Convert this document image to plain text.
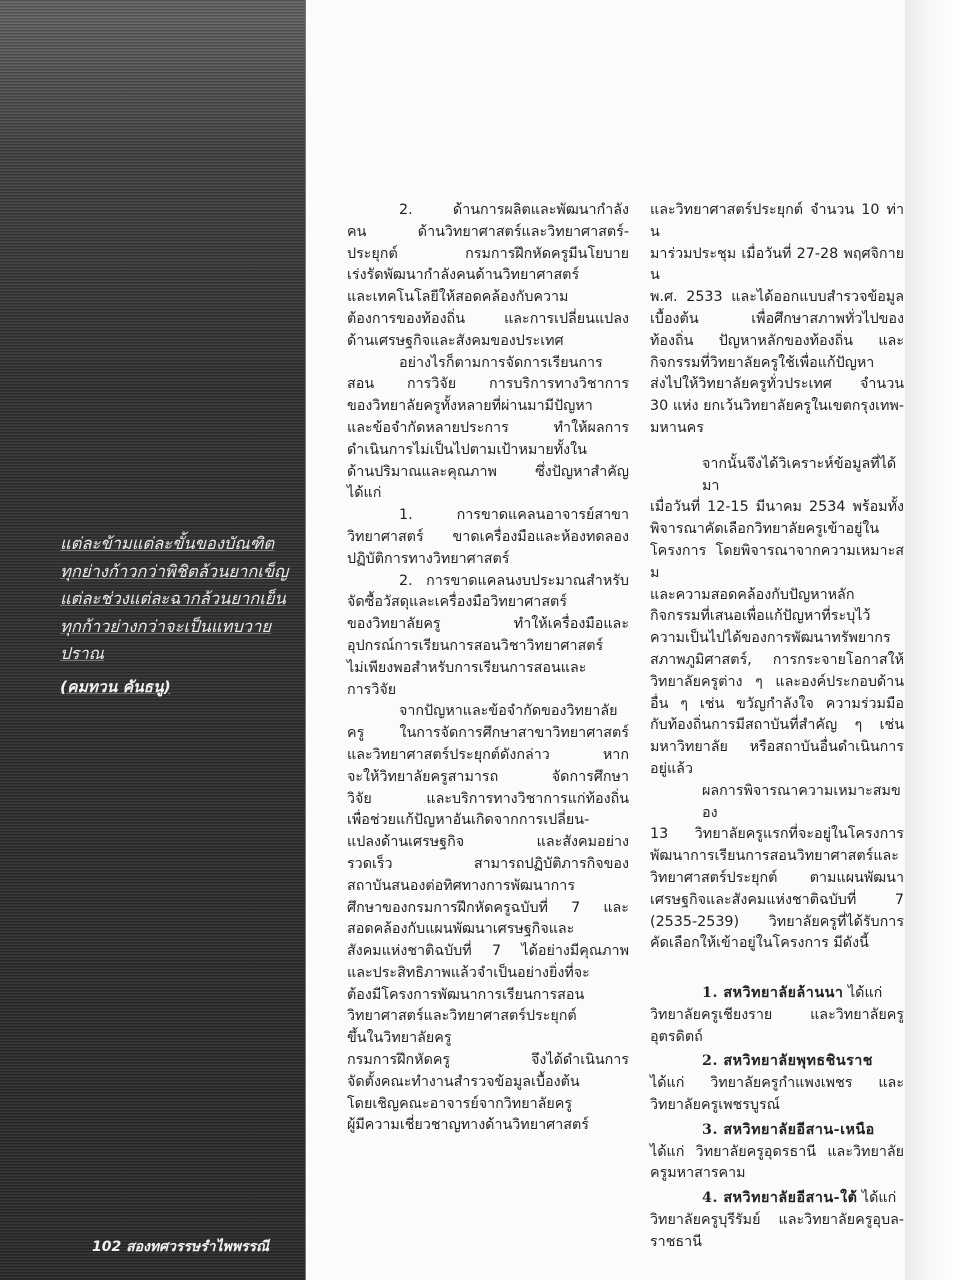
แต่ละข้ามแต่ละขั้นของบัณฑิต
ทุกย่างก้าวกว่าพิชิตล้วนยากเข็ญ
แต่ละช่วงแต่ละฉากล้วนยากเย็น
ทุกก้าวย่างกว่าจะเป็นแทบวายปราณ
(คมทวน คันธนู)
102 สองทศวรรษรำไพพรรณี
2. ด้านการผลิตและพัฒนากำลัง
คน ด้านวิทยาศาสตร์และวิทยาศาสตร์-
ประยุกต์ กรมการฝึกหัดครูมีนโยบาย
เร่งรัดพัฒนากำลังคนด้านวิทยาศาสตร์
และเทคโนโลยีให้สอดคล้องกับความ
ต้องการของท้องถิ่น และการเปลี่ยนแปลง
ด้านเศรษฐกิจและสังคมของประเทศ
อย่างไรก็ตามการจัดการเรียนการ
สอน การวิจัย การบริการทางวิชาการ
ของวิทยาลัยครูทั้งหลายที่ผ่านมามีปัญหา
และข้อจำกัดหลายประการ ทำให้ผลการ
ดำเนินการไม่เป็นไปตามเป้าหมายทั้งใน
ด้านปริมาณและคุณภาพ ซึ่งปัญหาสำคัญ
ได้แก่
1. การขาดแคลนอาจารย์สาขา
วิทยาศาสตร์ ขาดเครื่องมือและห้องทดลอง
ปฏิบัติการทางวิทยาศาสตร์
2. การขาดแคลนงบประมาณสำหรับ
จัดซื้อวัสดุและเครื่องมือวิทยาศาสตร์
ของวิทยาลัยครู ทำให้เครื่องมือและ
อุปกรณ์การเรียนการสอนวิชาวิทยาศาสตร์
ไม่เพียงพอสำหรับการเรียนการสอนและ
การวิจัย
จากปัญหาและข้อจำกัดของวิทยาลัย
ครู ในการจัดการศึกษาสาขาวิทยาศาสตร์
และวิทยาศาสตร์ประยุกต์ดังกล่าว หาก
จะให้วิทยาลัยครูสามารถ จัดการศึกษา
วิจัย และบริการทางวิชาการแก่ท้องถิ่น
เพื่อช่วยแก้ปัญหาอันเกิดจากการเปลี่ยน-
แปลงด้านเศรษฐกิจ และสังคมอย่าง
รวดเร็ว สามารถปฏิบัติภารกิจของ
สถาบันสนองต่อทิศทางการพัฒนาการ
ศึกษาของกรมการฝึกหัดครูฉบับที่ 7 และ
สอดคล้องกับแผนพัฒนาเศรษฐกิจและ
สังคมแห่งชาติฉบับที่ 7 ได้อย่างมีคุณภาพ
และประสิทธิภาพแล้วจำเป็นอย่างยิ่งที่จะ
ต้องมีโครงการพัฒนาการเรียนการสอน
วิทยาศาสตร์และวิทยาศาสตร์ประยุกต์
ขึ้นในวิทยาลัยครู
กรมการฝึกหัดครู จึงได้ดำเนินการ
จัดตั้งคณะทำงานสำรวจข้อมูลเบื้องต้น
โดยเชิญคณะอาจารย์จากวิทยาลัยครู
ผู้มีความเชี่ยวชาญทางด้านวิทยาศาสตร์
และวิทยาศาสตร์ประยุกต์ จำนวน 10 ท่าน
มาร่วมประชุม เมื่อวันที่ 27-28 พฤศจิกายน
พ.ศ. 2533 และได้ออกแบบสำรวจข้อมูล
เบื้องต้น เพื่อศึกษาสภาพทั่วไปของ
ท้องถิ่น ปัญหาหลักของท้องถิ่น และ
กิจกรรมที่วิทยาลัยครูใช้เพื่อแก้ปัญหา
ส่งไปให้วิทยาลัยครูทั่วประเทศ จำนวน
30 แห่ง ยกเว้นวิทยาลัยครูในเขตกรุงเทพ-
มหานคร
จากนั้นจึงได้วิเคราะห์ข้อมูลที่ได้มา
เมื่อวันที่ 12-15 มีนาคม 2534 พร้อมทั้ง
พิจารณาคัดเลือกวิทยาลัยครูเข้าอยู่ใน
โครงการ โดยพิจารณาจากความเหมาะสม
และความสอดคล้องกับปัญหาหลัก
กิจกรรมที่เสนอเพื่อแก้ปัญหาที่ระบุไว้
ความเป็นไปได้ของการพัฒนาทรัพยากร
สภาพภูมิศาสตร์, การกระจายโอกาสให้
วิทยาลัยครูต่าง ๆ และองค์ประกอบด้าน
อื่น ๆ เช่น ขวัญกำลังใจ ความร่วมมือ
กับท้องถิ่นการมีสถาบันที่สำคัญ ๆ เช่น
มหาวิทยาลัย หรือสถาบันอื่นดำเนินการ
อยู่แล้ว
ผลการพิจารณาความเหมาะสมของ
13 วิทยาลัยครูแรกที่จะอยู่ในโครงการ
พัฒนาการเรียนการสอนวิทยาศาสตร์และ
วิทยาศาสตร์ประยุกต์ ตามแผนพัฒนา
เศรษฐกิจและสังคมแห่งชาติฉบับที่ 7
(2535-2539) วิทยาลัยครูที่ได้รับการ
คัดเลือกให้เข้าอยู่ในโครงการ มีดังนี้
1. สหวิทยาลัยล้านนา ได้แก่
วิทยาลัยครูเชียงราย และวิทยาลัยครู
อุตรดิตถ์
2. สหวิทยาลัยพุทธชินราช
ได้แก่ วิทยาลัยครูกำแพงเพชร และ
วิทยาลัยครูเพชรบูรณ์
3. สหวิทยาลัยอีสาน-เหนือ
ได้แก่ วิทยาลัยครูอุดรธานี และวิทยาลัย
ครูมหาสารคาม
4. สหวิทยาลัยอีสาน-ใต้ ได้แก่
วิทยาลัยครูบุรีรัมย์ และวิทยาลัยครูอุบล-
ราชธานี
